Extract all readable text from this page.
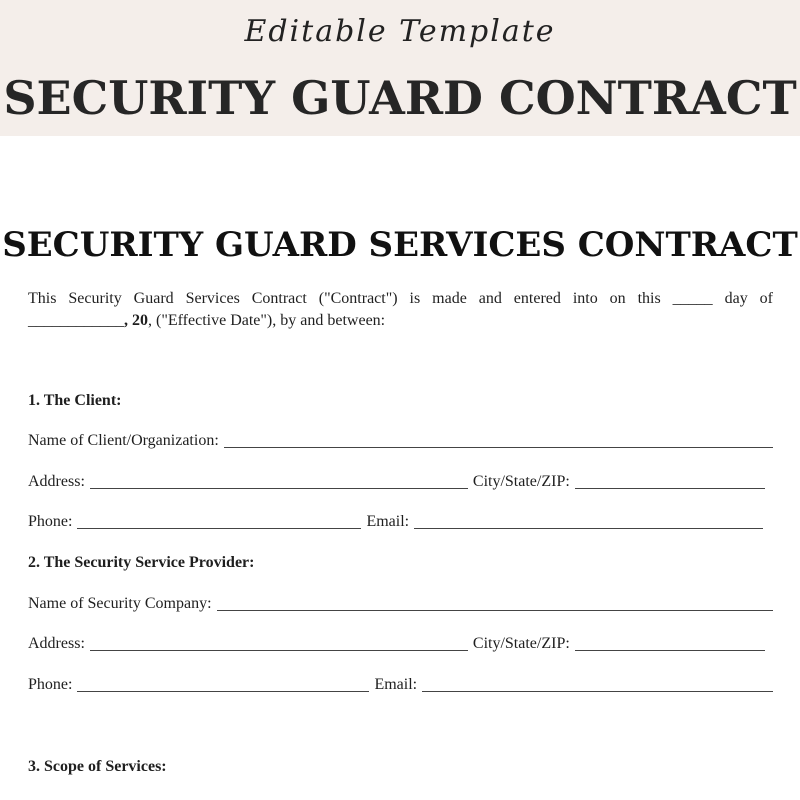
Editable Template
SECURITY GUARD CONTRACT
SECURITY GUARD SERVICES CONTRACT
This Security Guard Services Contract ("Contract") is made and entered into on this _____ day of
____________, 20, ("Effective Date"), by and between:
1. The Client:
Name of Client/Organization:
Address:	City/State/ZIP:
Phone:	Email:
2. The Security Service Provider:
Name of Security Company:
Address:	City/State/ZIP:
Phone:	Email:
3. Scope of Services:
